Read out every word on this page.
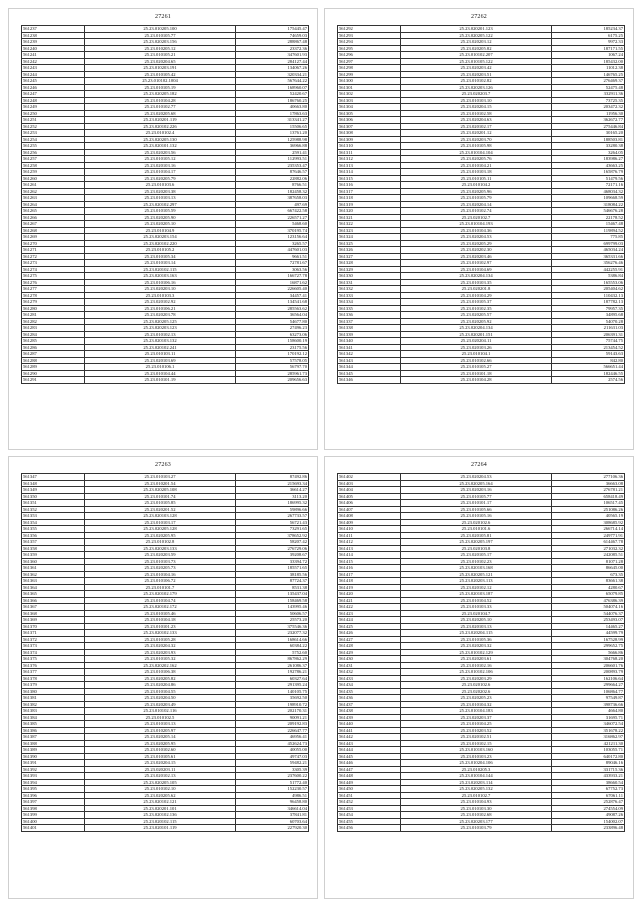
27261
561237	25.23.010205.100	175445.47
561238	25.23.010105.77	74659.03
561239	25.23.020203.156	288867.48
561240	25.23.010205.12	23372.36
561241	25.23.010105.21	347601.93
561242	25.23.020204.65	284127.44
561243	25.23.010203.191	134067.26
561244	25.23.010105.42	320334.21
561245	25.23.010102.1004	567644.22
561246	25.23.010105.19	168960.07
561247	25.23.020205.182	52420.67
561248	25.23.010104.28	186760.25
561249	25.23.010102.77	40663.80
561250	25.23.020205.68	17863.63
561251	25.23.020201.119	313341.27
561252	25.23.020102.226	15506.65
561253	25.23.010102.4	13761.20
561254	25.23.020205.130	125988.98
561255	25.23.020101.132	36966.88
561256	25.23.020203.56	2591.41
561257	25.23.010105.12	112993.51
561258	25.23.020103.16	235353.47
561259	25.23.010104.17	87646.57
561260	25.23.020205.79	22882.06
561261	25.23.010103.6	8766.51
561262	25.23.020203.38	182458.32
561263	25.23.010103.13	387658.03
561264	25.23.020102.297	497.69
561265	25.23.010105.59	667422.58
561266	25.23.020205.90	226571.27
561267	25.23.020205.10	5468.60
561268	25.23.010104.9	370195.74
561269	25.23.020203.154	123156.64
561270	25.23.020102.220	3265.57
561271	25.23.010105.2	447601.03
561272	25.23.010105.34	9661.51
561273	25.23.010103.14	72781.67
561274	25.23.020102.115	3063.56
561275	25.23.020103.163	166727.78
561276	25.23.010106.16	16871.62
561277	25.23.020203.10	226605.40
561278	25.23.010103.3	34457.41
561279	25.23.020102.92	134541.68
561280	25.23.010106.21	285563.62
561281	25.23.020203.78	36564.04
561282	25.23.020205.125	54677.80
561283	25.23.020203.123	27496.23
561284	25.23.010102.13	63273.06
561285	25.23.020103.132	158600.19
561286	25.23.020102.241	23175.56
561287	25.23.010103.11	170192.12
561288	25.23.020103.69	57578.05
561289	25.23.010106.1	56797.70
561290	25.23.010104.44	285961.73
561291	25.23.010101.19	209656.63
27262
561292	25.23.020201.123	185234.37
561293	25.23.020205.122	6175.25
561294	25.23.020203.12	9972.33
561295	25.23.020205.82	187171.55
561296	25.23.010102.207	1067.24
561297	25.23.010105.122	185432.00
561298	25.23.020203.42	11012.38
561299	25.23.020203.51	146765.25
561300	25.23.010102.82	276469.37
561301	25.23.020203.126	52475.48
561302	25.23.020203.7	332911.36
561303	25.23.010103.10	73725.35
561304	25.23.020204.15	203472.32
561305	25.23.010102.58	11956.30
561306	25.23.020204.63	362672.77
561307	25.23.020102.17	275446.84
561308	25.23.020201.12	30165.20
561309	25.23.020203.70	188503.81
561310	25.23.010105.98	33280.38
561311	25.23.010104.104	3264.05
561312	25.23.020205.76	183986.27
561313	25.23.010104.21	43663.25
561314	25.23.010103.18	165876.79
561315	25.23.010105.11	51479.56
561316	25.23.010104.2	72171.16
561317	25.23.020205.96	468034.32
561318	25.23.010105.79	109668.59
561319	25.23.020204.14	318084.22
561320	25.23.010102.74	546676.28
561321	25.23.020102.7	22178.52
561322	25.23.010104.193	15467.48
561323	25.23.010104.36	119894.52
561324	25.23.020204.53	775.85
561325	25.23.020205.29	699799.03
561326	25.23.020202.30	465034.24
561327	25.23.020203.46	365331.66
561328	25.23.010102.97	356276.46
561329	25.23.010104.69	442255.91
561330	25.23.020204.134	5386.84
561331	25.23.010103.35	165553.06
561332	25.23.020201.8	205404.62
561333	25.23.010104.29	110432.13
561334	25.23.010105.37	187782.13
561335	25.23.010102.35	79957.35
561336	25.23.020205.57	34895.68
561337	25.23.020205.92	54070.28
561338	25.23.020204.134	211631.03
561339	25.23.020201.151	206391.31
561340	25.23.020204.11	75744.75
561341	25.23.020103.26	213454.52
561342	25.23.010104.1	59143.63
561343	25.23.010102.66	842.80
561344	25.23.010105.27	566651.44
561345	25.23.010101.18	182446.55
561346	25.23.010104.28	2574.56
27263
561347	25.23.010103.27	87492.86
561348	25.23.010201.54	215693.34
561349	25.23.020205.108	36614.27
561350	25.23.010101.74	3113.20
561351	25.23.010105.85	186995.32
561352	25.23.020201.52	59896.66
561353	25.23.020103.128	267733.57
561354	25.23.010103.17	56721.43
561355	25.23.020205.128	73291.65
561356	25.23.020205.95	378652.92
561357	25.23.010102.8	58207.42
561358	25.23.020203.133	276729.06
561359	25.23.020203.59	39208.67
561360	25.23.010103.73	33394.72
561361	25.23.020205.73	185571.65
561362	25.23.010104.16	38185.56
561363	25.23.010106.72	87724.37
561364	25.23.010101.7	8531.38
561365	25.23.020102.179	135437.04
561366	25.23.010104.74	158469.58
561367	25.23.020102.172	143995.46
561368	25.23.010105.46	50606.57
561369	25.23.010104.18	25573.20
561370	25.23.010101.23	375546.36
561371	25.23.020102.133	232077.32
561372	25.23.010105.28	168614.66
561373	25.23.020204.32	60384.22
561374	25.23.020203.93	5752.60
561375	25.23.010105.32	867862.29
561376	25.23.020202.162	261086.37
561377	25.23.010106.38	192786.21
561378	25.23.020205.82	60327.64
561379	25.23.020204.86	291395.24
561380	25.23.010104.55	140105.75
561381	25.23.020204.50	35692.50
561382	25.23.020203.49	198910.72
561383	25.23.010102.116	202170.31
561384	25.23.010102.5	90091.21
561385	25.23.010103.13	209192.83
561386	25.23.010205.97	226647.77
561387	25.23.020205.14	46956.41
561388	25.23.020205.95	452624.73
561389	25.23.010102.60	40055.00
561390	25.23.010105.61	49747.03
561391	25.23.020204.15	59482.21
561392	25.23.020203.11	3305.39
561393	25.23.020102.13	237600.22
561394	25.23.020205.105	51772.40
561395	25.23.010102.10	152230.57
561396	25.23.020205.62	4986.51
561397	25.23.020102.121	96458.80
561398	25.23.020201.101	346614.04
561399	25.23.020102.136	37841.81
561400	25.23.020102.115	60703.64
561401	25.23.020101.119	227920.30
27264
561402	25.23.020204.53	277106.36
561403	25.23.020205.164	36663.08
561404	25.23.020203.16	276781.21
561405	25.23.010105.77	658418.49
561406	25.23.010101.17	106517.45
561407	25.23.010105.66	251086.26
561408	25.23.010105.16	40565.19
561409	25.23.020102.6	308685.92
561410	25.23.010101.6	266714.14
561411	25.23.020105.81	249771.91
561412	25.23.020205.197	614467.78
561413	25.23.020103.8	271032.32
561414	25.23.020105.17	242085.51
561415	25.23.010102.23	81071.28
561416	25.23.020103.168	86645.00
561417	25.23.020205.121	673.35
561418	25.23.020203.113	83661.38
561419	25.23.020102.12	4280.67
561420	25.23.020103.187	65079.85
561421	25.23.010104.52	476386.39
561422	25.23.010103.33	504074.16
561423	25.23.020104.7	544076.37
561424	25.23.020205.10	253493.07
561425	25.23.020103.13	14465.27
561426	25.23.020204.115	44599.79
561427	25.23.010105.36	167528.99
561428	25.23.020203.32	299652.75
561429	25.23.010102.129	5666.86
561430	25.23.020203.61	304768.20
561431	25.23.010102.16	206601.76
561432	25.23.010102.106	200893.79
561433	25.23.020203.29	162106.64
561434	25.23.020102.6	299664.27
561435	25.23.020202.6	106864.77
561436	25.23.020205.23	97549.87
561437	25.23.010104.32	398736.66
561438	25.23.010104.183	4664.80
561439	25.23.020203.37	31695.71
561440	25.23.010104.25	346072.54
561441	25.23.010203.52	351678.22
561442	25.23.020102.51	316862.97
561443	25.23.010102.15	421211.30
561444	25.23.010103.160	103055.71
561445	25.23.010103.23	640172.80
561446	25.23.010204.106	89046.16
561447	25.23.010205.3	331715.36
561448	25.23.010104.144	433933.21
561449	25.23.020203.114	38660.54
561450	25.23.020205.132	67752.73
561451	25.23.010102.7	67061.11
561452	25.23.010104.93	252876.47
561453	25.23.010103.30	274554.09
561454	25.23.010102.68	49087.26
561455	25.23.020203.177	154002.07
561456	25.23.010103.79	233896.48
